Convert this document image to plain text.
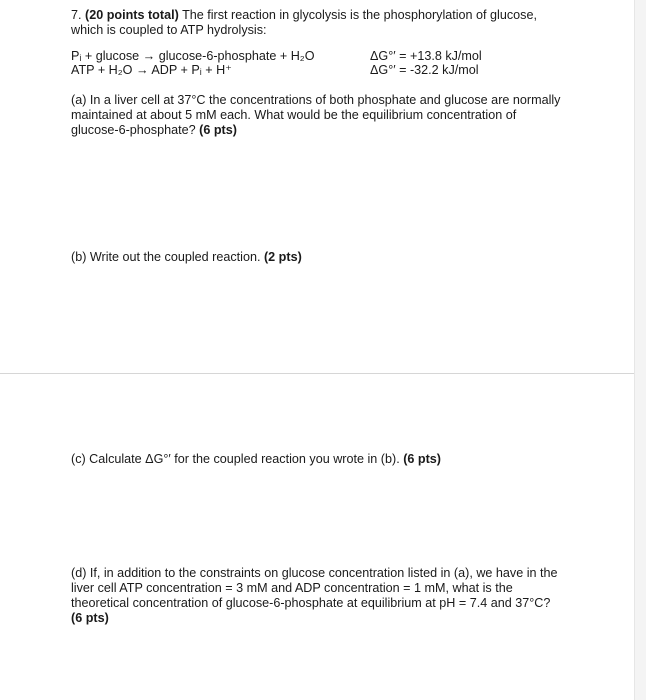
7. (20 points total) The first reaction in glycolysis is the phosphorylation of glucose,
which is coupled to ATP hydrolysis:
Pᵢ + glucose → glucose-6-phosphate + H₂O	ΔG°′ = +13.8 kJ/mol
ATP + H₂O → ADP + Pᵢ + H⁺	ΔG°′ = -32.2 kJ/mol
(a) In a liver cell at 37°C the concentrations of both phosphate and glucose are normally
maintained at about 5 mM each. What would be the equilibrium concentration of
glucose-6-phosphate? (6 pts)
(b) Write out the coupled reaction. (2 pts)
(c) Calculate ΔG°′ for the coupled reaction you wrote in (b). (6 pts)
(d) If, in addition to the constraints on glucose concentration listed in (a), we have in the
liver cell ATP concentration = 3 mM and ADP concentration = 1 mM, what is the
theoretical concentration of glucose-6-phosphate at equilibrium at pH = 7.4 and 37°C?
(6 pts)
